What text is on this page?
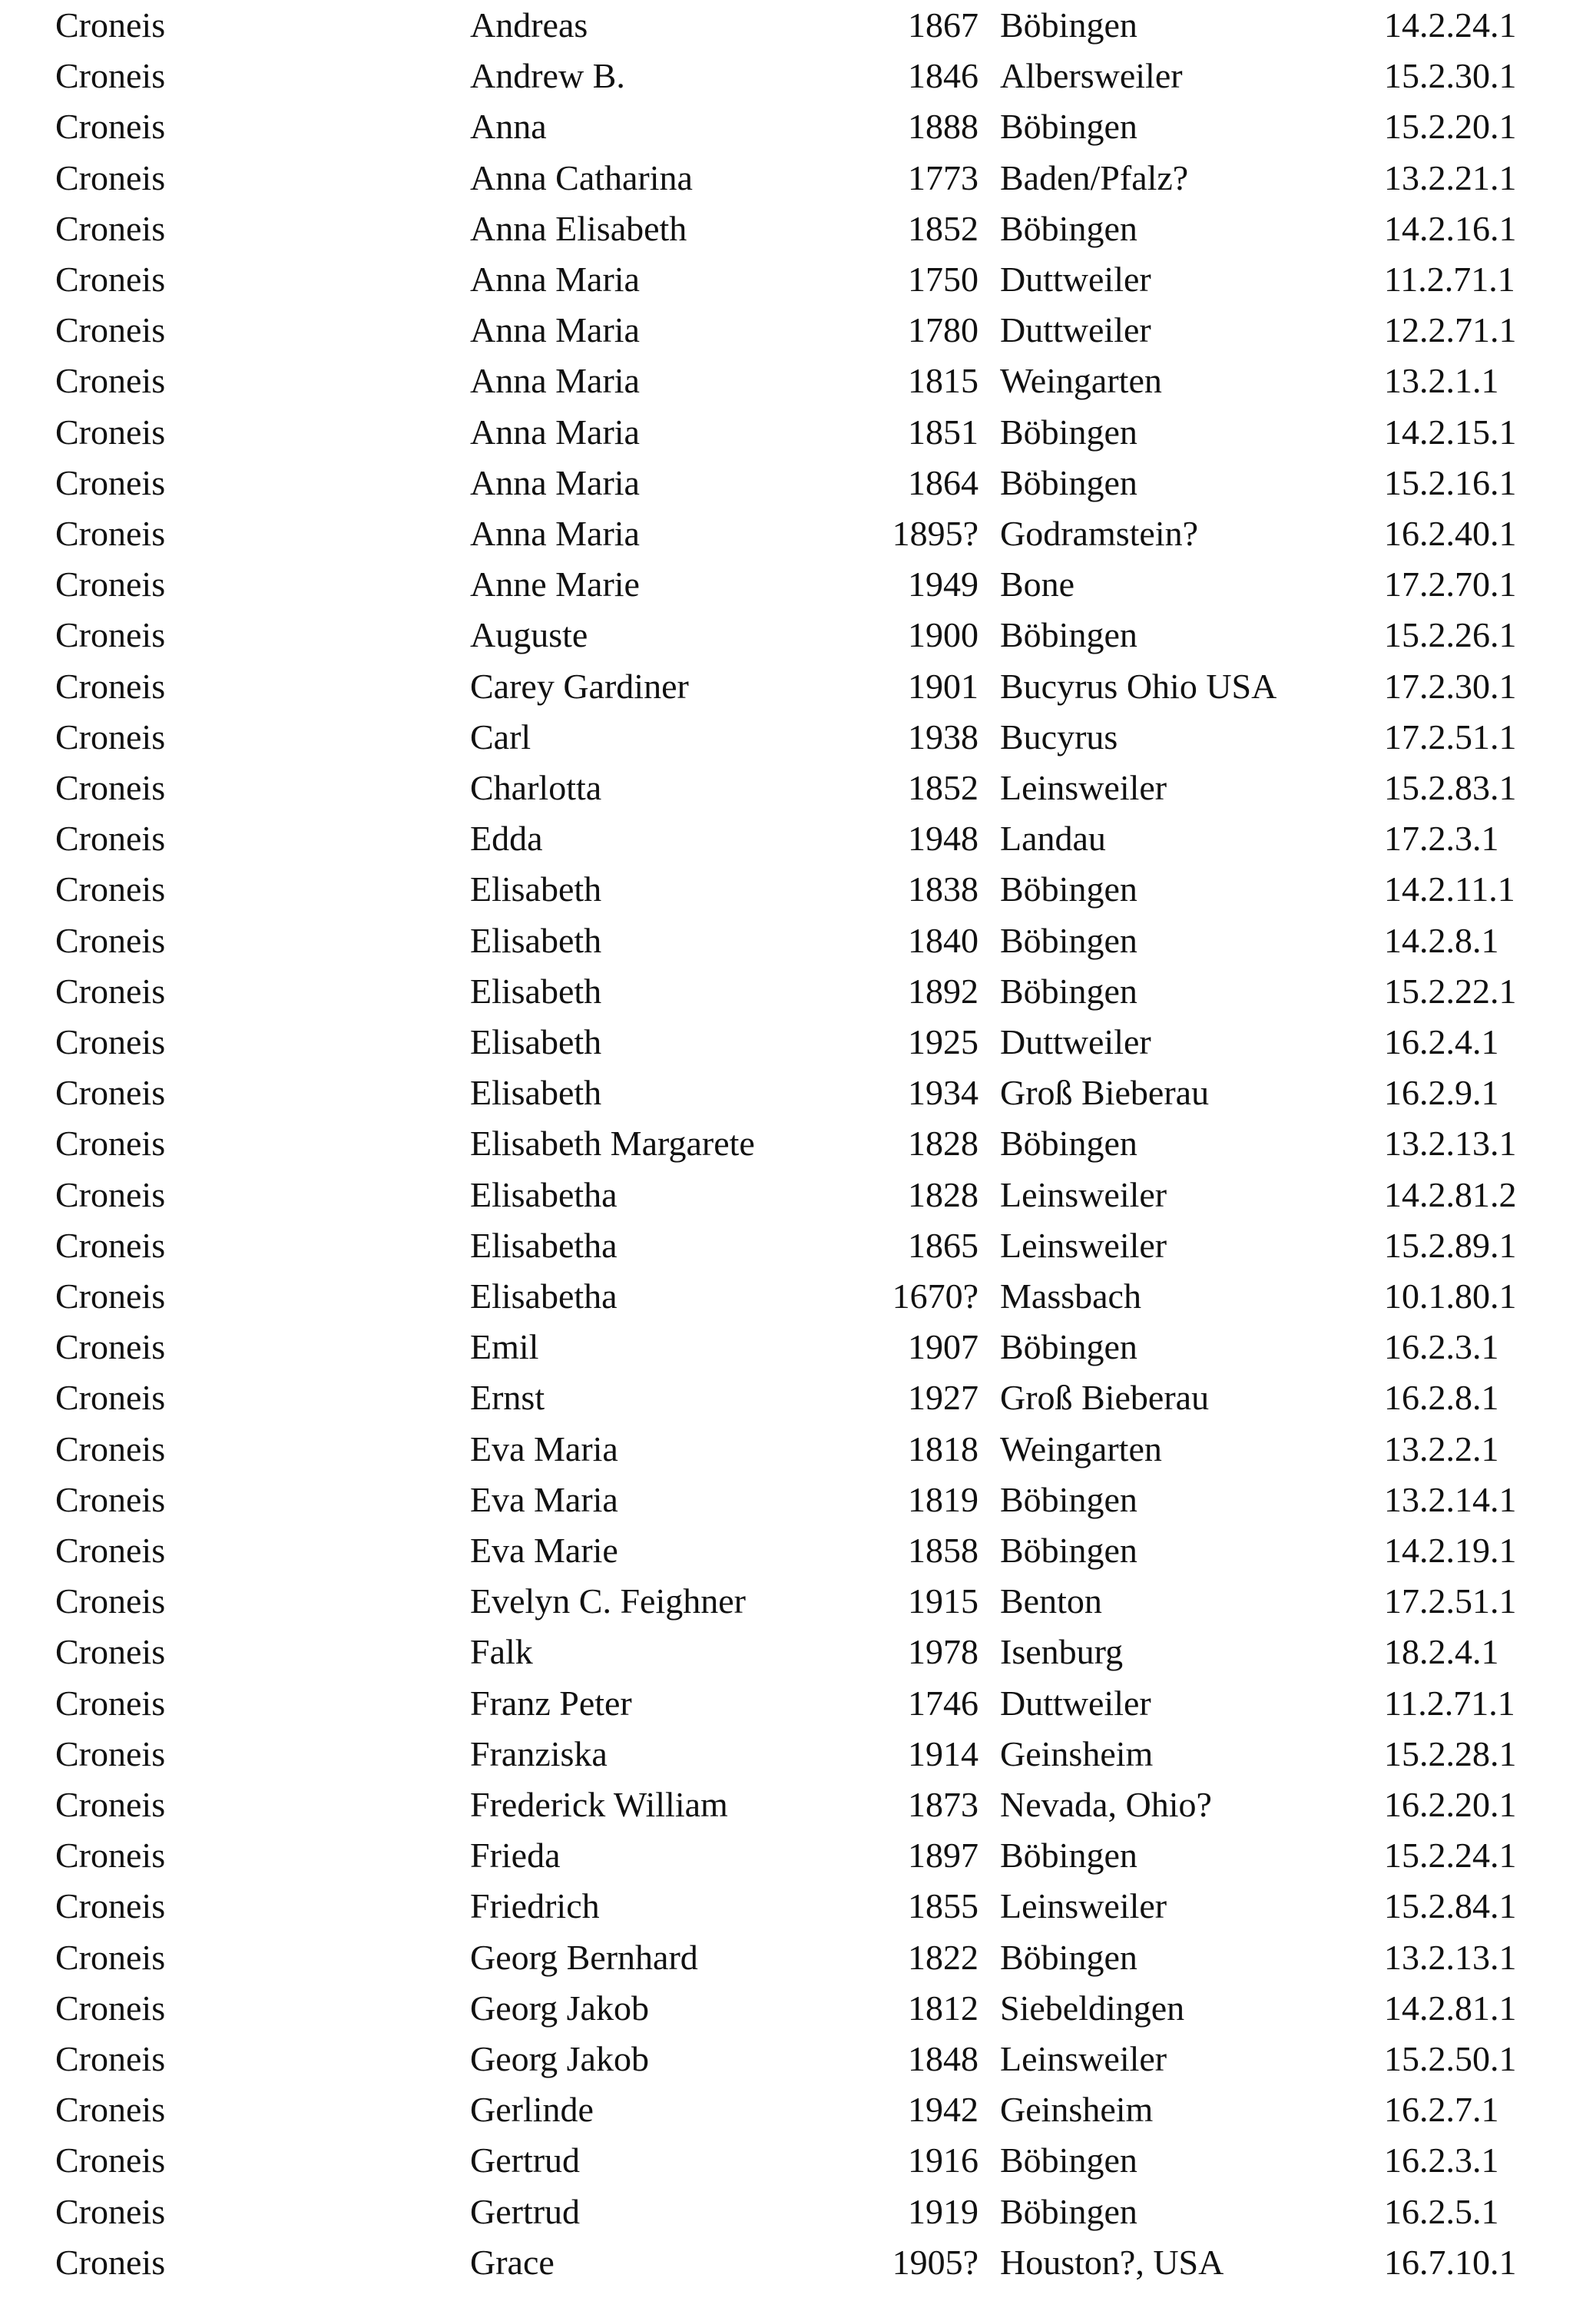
Croneis	Andreas	1867 Böbingen	14.2.24.1
Croneis	Andrew B.	1846 Albersweiler	15.2.30.1
Croneis	Anna	1888 Böbingen	15.2.20.1
Croneis	Anna Catharina	1773 Baden/Pfalz?	13.2.21.1
Croneis	Anna Elisabeth	1852 Böbingen	14.2.16.1
Croneis	Anna Maria	1750 Duttweiler	11.2.71.1
Croneis	Anna Maria	1780 Duttweiler	12.2.71.1
Croneis	Anna Maria	1815 Weingarten	13.2.1.1
Croneis	Anna Maria	1851 Böbingen	14.2.15.1
Croneis	Anna Maria	1864 Böbingen	15.2.16.1
Croneis	Anna Maria	1895? Godramstein?	16.2.40.1
Croneis	Anne Marie	1949 Bone	17.2.70.1
Croneis	Auguste	1900 Böbingen	15.2.26.1
Croneis	Carey Gardiner	1901 Bucyrus Ohio USA	17.2.30.1
Croneis	Carl	1938 Bucyrus	17.2.51.1
Croneis	Charlotta	1852 Leinsweiler	15.2.83.1
Croneis	Edda	1948 Landau	17.2.3.1
Croneis	Elisabeth	1838 Böbingen	14.2.11.1
Croneis	Elisabeth	1840 Böbingen	14.2.8.1
Croneis	Elisabeth	1892 Böbingen	15.2.22.1
Croneis	Elisabeth	1925 Duttweiler	16.2.4.1
Croneis	Elisabeth	1934 Groß Bieberau	16.2.9.1
Croneis	Elisabeth Margarete	1828 Böbingen	13.2.13.1
Croneis	Elisabetha	1828 Leinsweiler	14.2.81.2
Croneis	Elisabetha	1865 Leinsweiler	15.2.89.1
Croneis	Elisabetha	1670? Massbach	10.1.80.1
Croneis	Emil	1907 Böbingen	16.2.3.1
Croneis	Ernst	1927 Groß Bieberau	16.2.8.1
Croneis	Eva Maria	1818 Weingarten	13.2.2.1
Croneis	Eva Maria	1819 Böbingen	13.2.14.1
Croneis	Eva Marie	1858 Böbingen	14.2.19.1
Croneis	Evelyn C. Feighner	1915 Benton	17.2.51.1
Croneis	Falk	1978 Isenburg	18.2.4.1
Croneis	Franz Peter	1746 Duttweiler	11.2.71.1
Croneis	Franziska	1914 Geinsheim	15.2.28.1
Croneis	Frederick William	1873 Nevada, Ohio?	16.2.20.1
Croneis	Frieda	1897 Böbingen	15.2.24.1
Croneis	Friedrich	1855 Leinsweiler	15.2.84.1
Croneis	Georg Bernhard	1822 Böbingen	13.2.13.1
Croneis	Georg Jakob	1812 Siebeldingen	14.2.81.1
Croneis	Georg Jakob	1848 Leinsweiler	15.2.50.1
Croneis	Gerlinde	1942 Geinsheim	16.2.7.1
Croneis	Gertrud	1916 Böbingen	16.2.3.1
Croneis	Gertrud	1919 Böbingen	16.2.5.1
Croneis	Grace	1905? Houston?, USA	16.7.10.1
